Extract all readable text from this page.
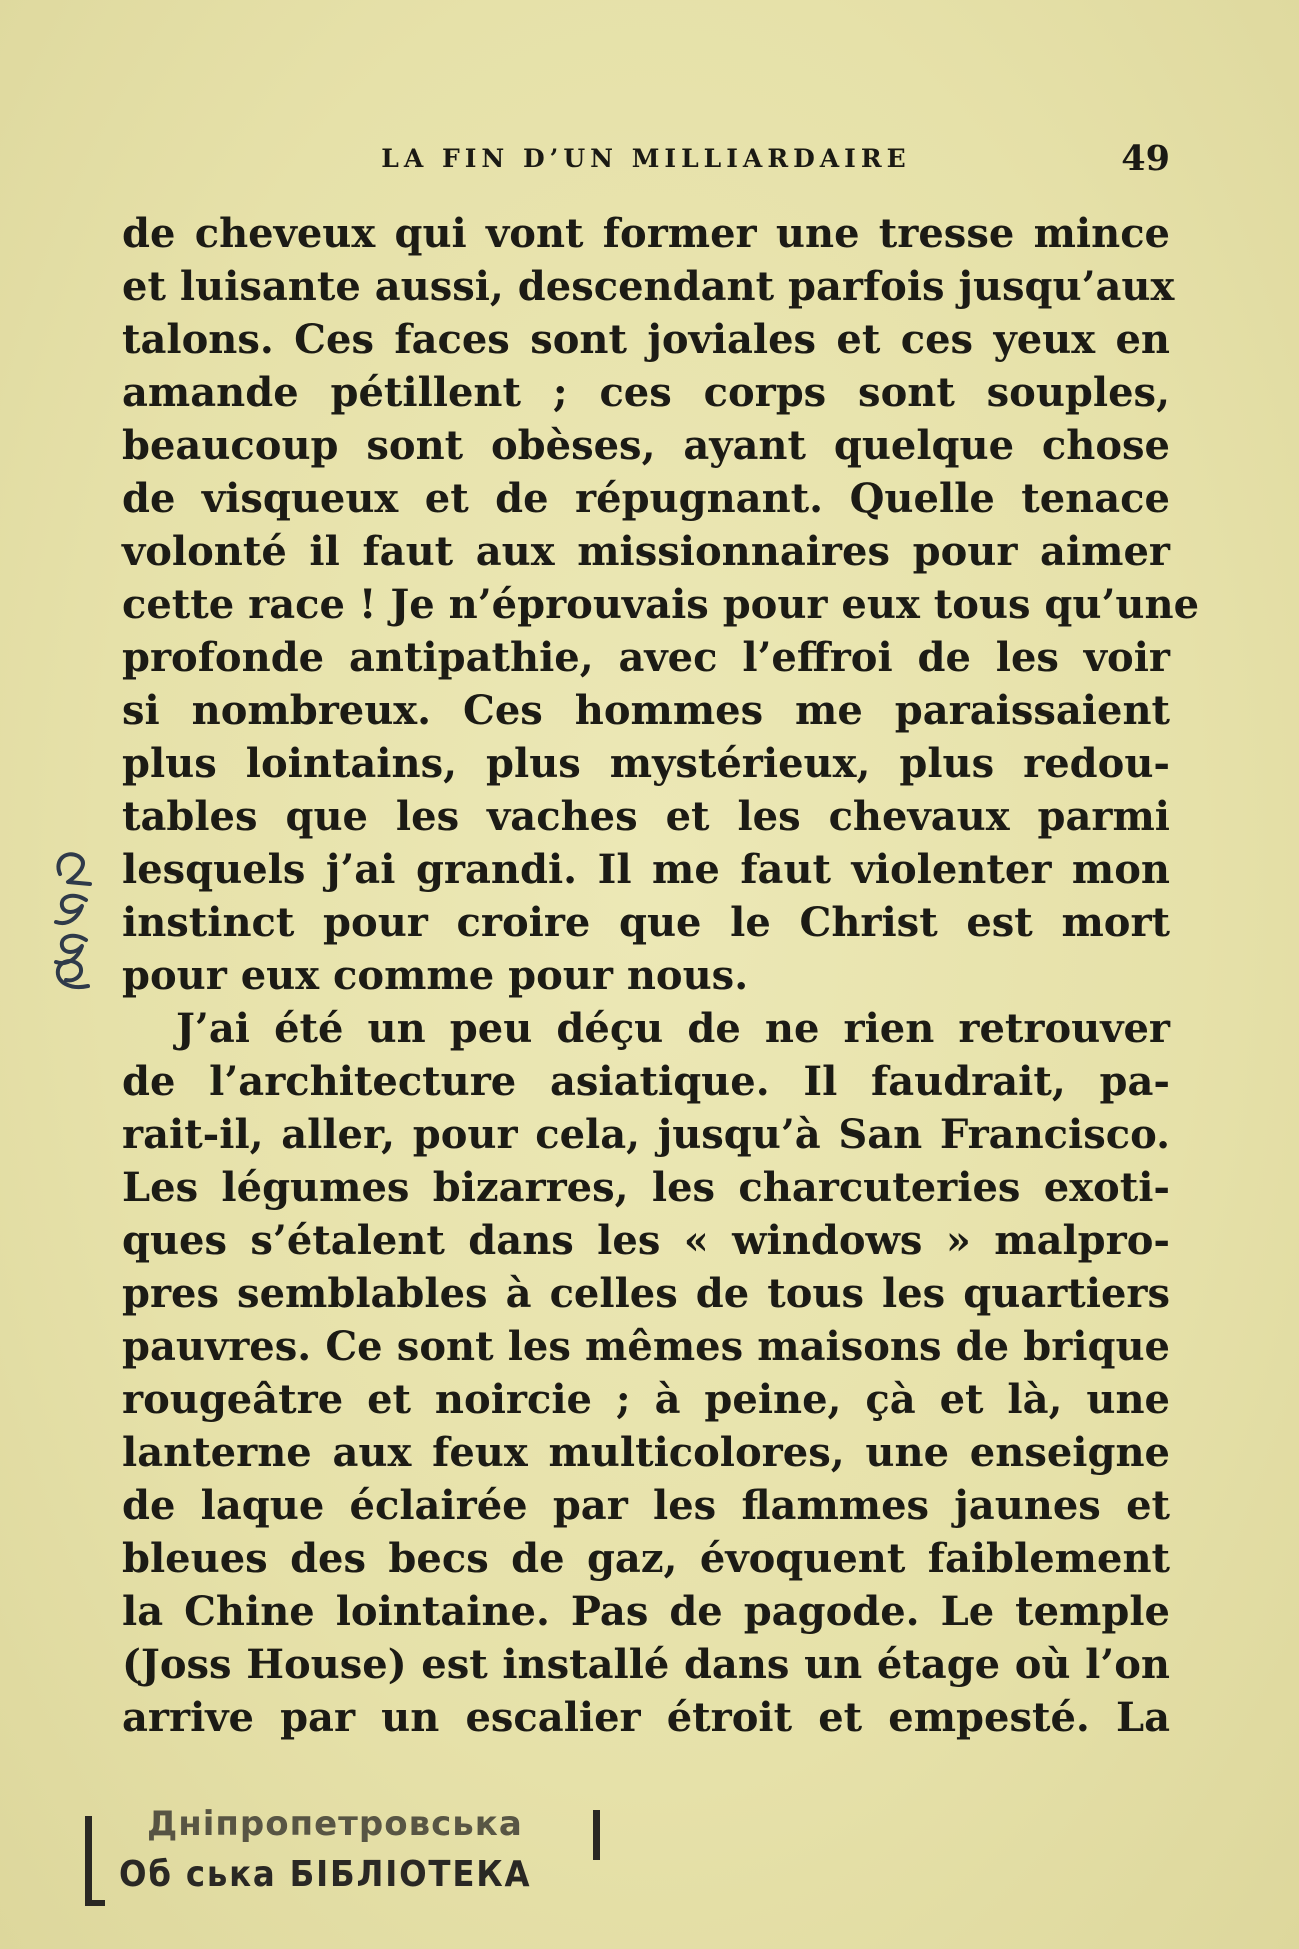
LA FIN D’UN MILLIARDAIRE	49
de cheveux qui vont former une tresse mince
et luisante aussi, descendant parfois jusqu’aux
talons. Ces faces sont joviales et ces yeux en
amande pétillent ; ces corps sont souples,
beaucoup sont obèses, ayant quelque chose
de visqueux et de répugnant. Quelle tenace
volonté il faut aux missionnaires pour aimer
cette race ! Je n’éprouvais pour eux tous qu’une
profonde antipathie, avec l’effroi de les voir
si nombreux. Ces hommes me paraissaient
plus lointains, plus mystérieux, plus redou-
tables que les vaches et les chevaux parmi
lesquels j’ai grandi. Il me faut violenter mon
instinct pour croire que le Christ est mort
pour eux comme pour nous.
J’ai été un peu déçu de ne rien retrouver
de l’architecture asiatique. Il faudrait, pa-
rait-il, aller, pour cela, jusqu’à San Francisco.
Les légumes bizarres, les charcuteries exoti-
ques s’étalent dans les « windows » malpro-
pres semblables à celles de tous les quartiers
pauvres. Ce sont les mêmes maisons de brique
rougeâtre et noircie ; à peine, çà et là, une
lanterne aux feux multicolores, une enseigne
de laque éclairée par les flammes jaunes et
bleues des becs de gaz, évoquent faiblement
la Chine lointaine. Pas de pagode. Le temple
(Joss House) est installé dans un étage où l’on
arrive par un escalier étroit et empesté. La
Дніпропетровська
Об ська БІБЛІОТЕКА
